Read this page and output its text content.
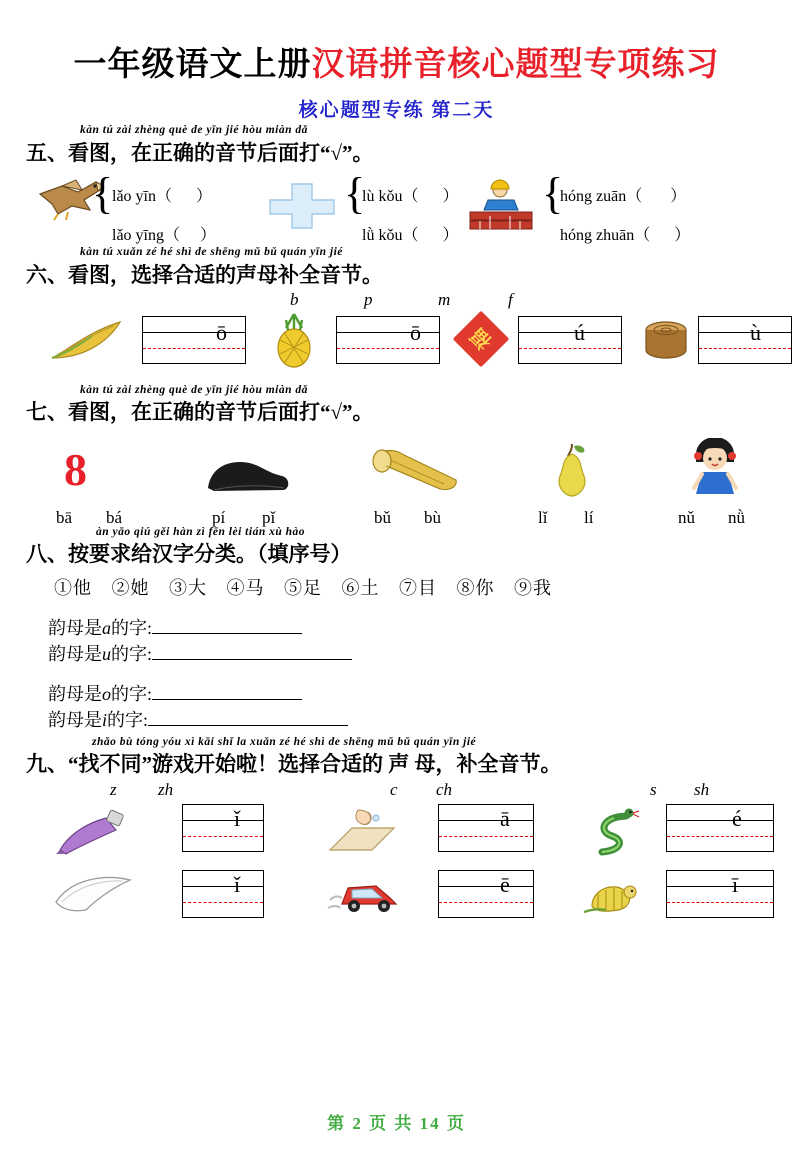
一年级语文上册汉语拼音核心题型专项练习
核心题型专练 第二天
kàn tú zài zhèng què de yīn jié hòu miàn dǎ
五、看图，在正确的音节后面打“√”。
{
lǎo yīn（ ）
lǎo yīng（ ）
{
lù kǒu（ ）
lǜ kǒu（ ）
{
hóng zuān（ ）
hóng zhuān（ ）
kàn tú xuǎn zé hé shì de shēng mǔ bǔ quán yīn jié
六、看图，选择合适的声母补全音节。
b	p	m	f
ō	ō	福	ú	ù
kàn tú zài zhèng què de yīn jié hòu miàn dǎ
七、看图，在正确的音节后面打“√”。
8
bā bá	pí pǐ	bǔ bù	lǐ lí	nǔ nǜ
àn yāo qiú gěi hàn zì fēn lèi tián xù hào
八、按要求给汉字分类。（填序号）
①他 ②她 ③大 ④马 ⑤足 ⑥土 ⑦目 ⑧你 ⑨我
韵母是a的字: 韵母是u的字:
韵母是o的字: 韵母是i的字:
zhǎo bù tóng yóu xì kāi shǐ la xuǎn zé hé shì de shēng mǔ bǔ quán yīn jié
九、“找不同”游戏开始啦！选择合适的 声 母，补全音节。
z zh	c ch	s sh
ǐ	ā	é
ǐ	ē	ī
第 2 页 共 14 页
